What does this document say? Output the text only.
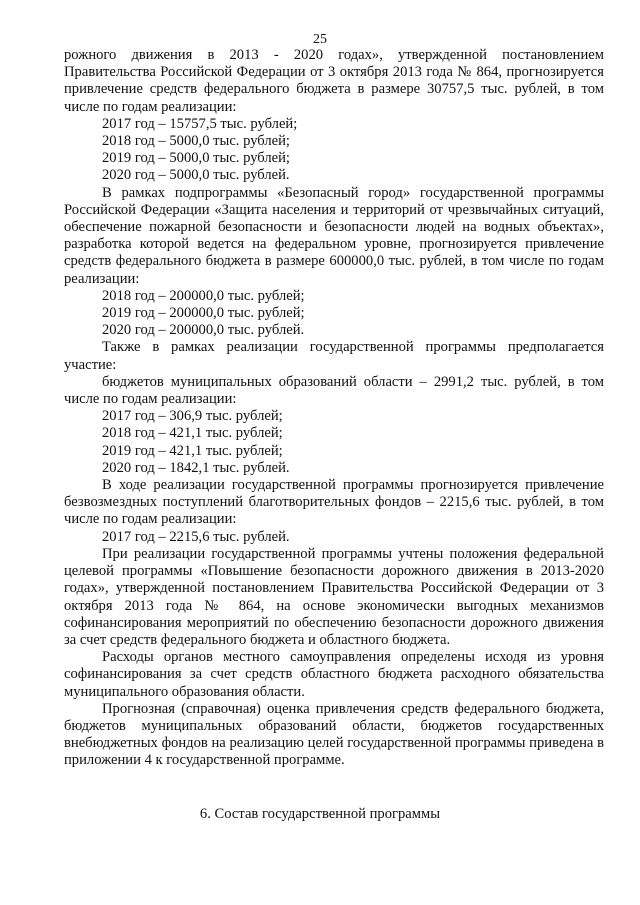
25

рожного движения в 2013 - 2020 годах», утвержденной постановлением Правительства Российской Федерации от 3 октября 2013 года № 864, прогнозируется привлечение средств федерального бюджета в размере 30757,5 тыс. рублей, в том числе по годам реализации:

2017 год – 15757,5 тыс. рублей;

2018 год – 5000,0 тыс. рублей;

2019 год – 5000,0 тыс. рублей;

2020 год – 5000,0 тыс. рублей.

В рамках подпрограммы «Безопасный город» государственной программы Российской Федерации «Защита населения и территорий от чрезвычайных ситуаций, обеспечение пожарной безопасности и безопасности людей на водных объектах», разработка которой ведется на федеральном уровне, прогнозируется привлечение средств федерального бюджета в размере 600000,0 тыс. рублей, в том числе по годам реализации:

2018 год – 200000,0 тыс. рублей;

2019 год – 200000,0 тыс. рублей;

2020 год – 200000,0 тыс. рублей.

Также в рамках реализации государственной программы предполагается участие:

бюджетов муниципальных образований области – 2991,2 тыс. рублей, в том числе по годам реализации:

2017 год – 306,9 тыс. рублей;

2018 год – 421,1 тыс. рублей;

2019 год – 421,1 тыс. рублей;

2020 год – 1842,1 тыс. рублей.

В ходе реализации государственной программы прогнозируется привлечение безвозмездных поступлений благотворительных фондов – 2215,6 тыс. рублей, в том числе по годам реализации:

2017 год – 2215,6 тыс. рублей.

При реализации государственной программы учтены положения федеральной целевой программы «Повышение безопасности дорожного движения в 2013-2020 годах», утвержденной постановлением Правительства Российской Федерации от 3 октября 2013 года № 864, на основе экономически выгодных механизмов софинансирования мероприятий по обеспечению безопасности дорожного движения за счет средств федерального бюджета и областного бюджета.

Расходы органов местного самоуправления определены исходя из уровня софинансирования за счет средств областного бюджета расходного обязательства муниципального образования области.

Прогнозная (справочная) оценка привлечения средств федерального бюджета, бюджетов муниципальных образований области, бюджетов государственных внебюджетных фондов на реализацию целей государственной программы приведена в приложении 4 к государственной программе.

6. Состав государственной программы
